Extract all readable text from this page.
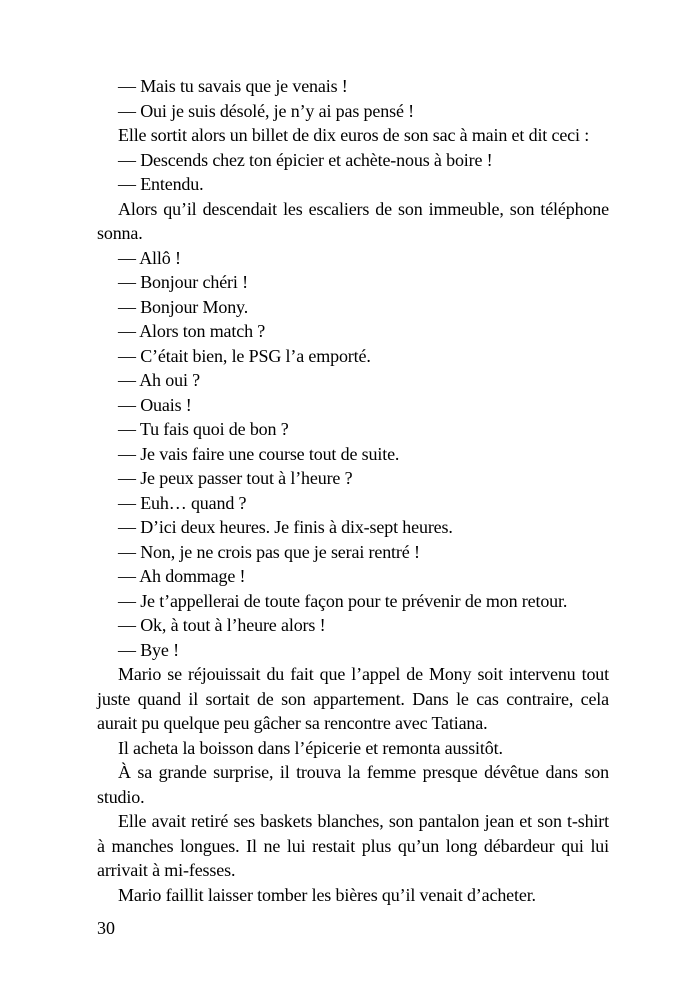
— Mais tu savais que je venais !

— Oui je suis désolé, je n’y ai pas pensé !

Elle sortit alors un billet de dix euros de son sac à main et dit ceci :

— Descends chez ton épicier et achète-nous à boire !

— Entendu.

Alors qu’il descendait les escaliers de son immeuble, son téléphone sonna.

— Allô !

— Bonjour chéri !

— Bonjour Mony.

— Alors ton match ?

— C’était bien, le PSG l’a emporté.

— Ah oui ?

— Ouais !

— Tu fais quoi de bon ?

— Je vais faire une course tout de suite.

— Je peux passer tout à l’heure ?

— Euh… quand ?

— D’ici deux heures. Je finis à dix-sept heures.

— Non, je ne crois pas que je serai rentré !

— Ah dommage !

— Je t’appellerai de toute façon pour te prévenir de mon retour.

— Ok, à tout à l’heure alors !

— Bye !

Mario se réjouissait du fait que l’appel de Mony soit intervenu tout juste quand il sortait de son appartement. Dans le cas contraire, cela aurait pu quelque peu gâcher sa rencontre avec Tatiana.

Il acheta la boisson dans l’épicerie et remonta aussitôt.

À sa grande surprise, il trouva la femme presque dévêtue dans son studio.

Elle avait retiré ses baskets blanches, son pantalon jean et son t-shirt à manches longues. Il ne lui restait plus qu’un long débardeur qui lui arrivait à mi-fesses.

Mario faillit laisser tomber les bières qu’il venait d’acheter.

30
